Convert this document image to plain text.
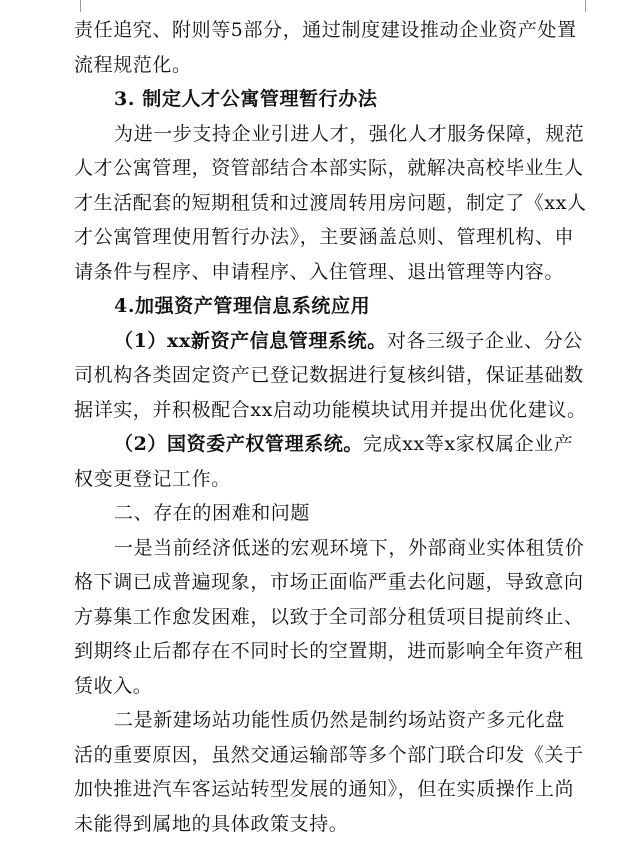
责任追究、附则等5部分，通过制度建设推动企业资产处置
流程规范化。
3. 制定人才公寓管理暂行办法
为进一步支持企业引进人才，强化人才服务保障，规范
人才公寓管理，资管部结合本部实际，就解决高校毕业生人
才生活配套的短期租赁和过渡周转用房问题，制定了《xx人
才公寓管理使用暂行办法》，主要涵盖总则、管理机构、申
请条件与程序、申请程序、入住管理、退出管理等内容。
4.加强资产管理信息系统应用
（1）xx新资产信息管理系统。对各三级子企业、分公
司机构各类固定资产已登记数据进行复核纠错，保证基础数
据详实，并积极配合xx启动功能模块试用并提出优化建议。
（2）国资委产权管理系统。完成xx等x家权属企业产
权变更登记工作。
二、存在的困难和问题
一是当前经济低迷的宏观环境下，外部商业实体租赁价
格下调已成普遍现象，市场正面临严重去化问题，导致意向
方募集工作愈发困难，以致于全司部分租赁项目提前终止、
到期终止后都存在不同时长的空置期，进而影响全年资产租
赁收入。
二是新建场站功能性质仍然是制约场站资产多元化盘
活的重要原因，虽然交通运输部等多个部门联合印发《关于
加快推进汽车客运站转型发展的通知》，但在实质操作上尚
未能得到属地的具体政策支持。
